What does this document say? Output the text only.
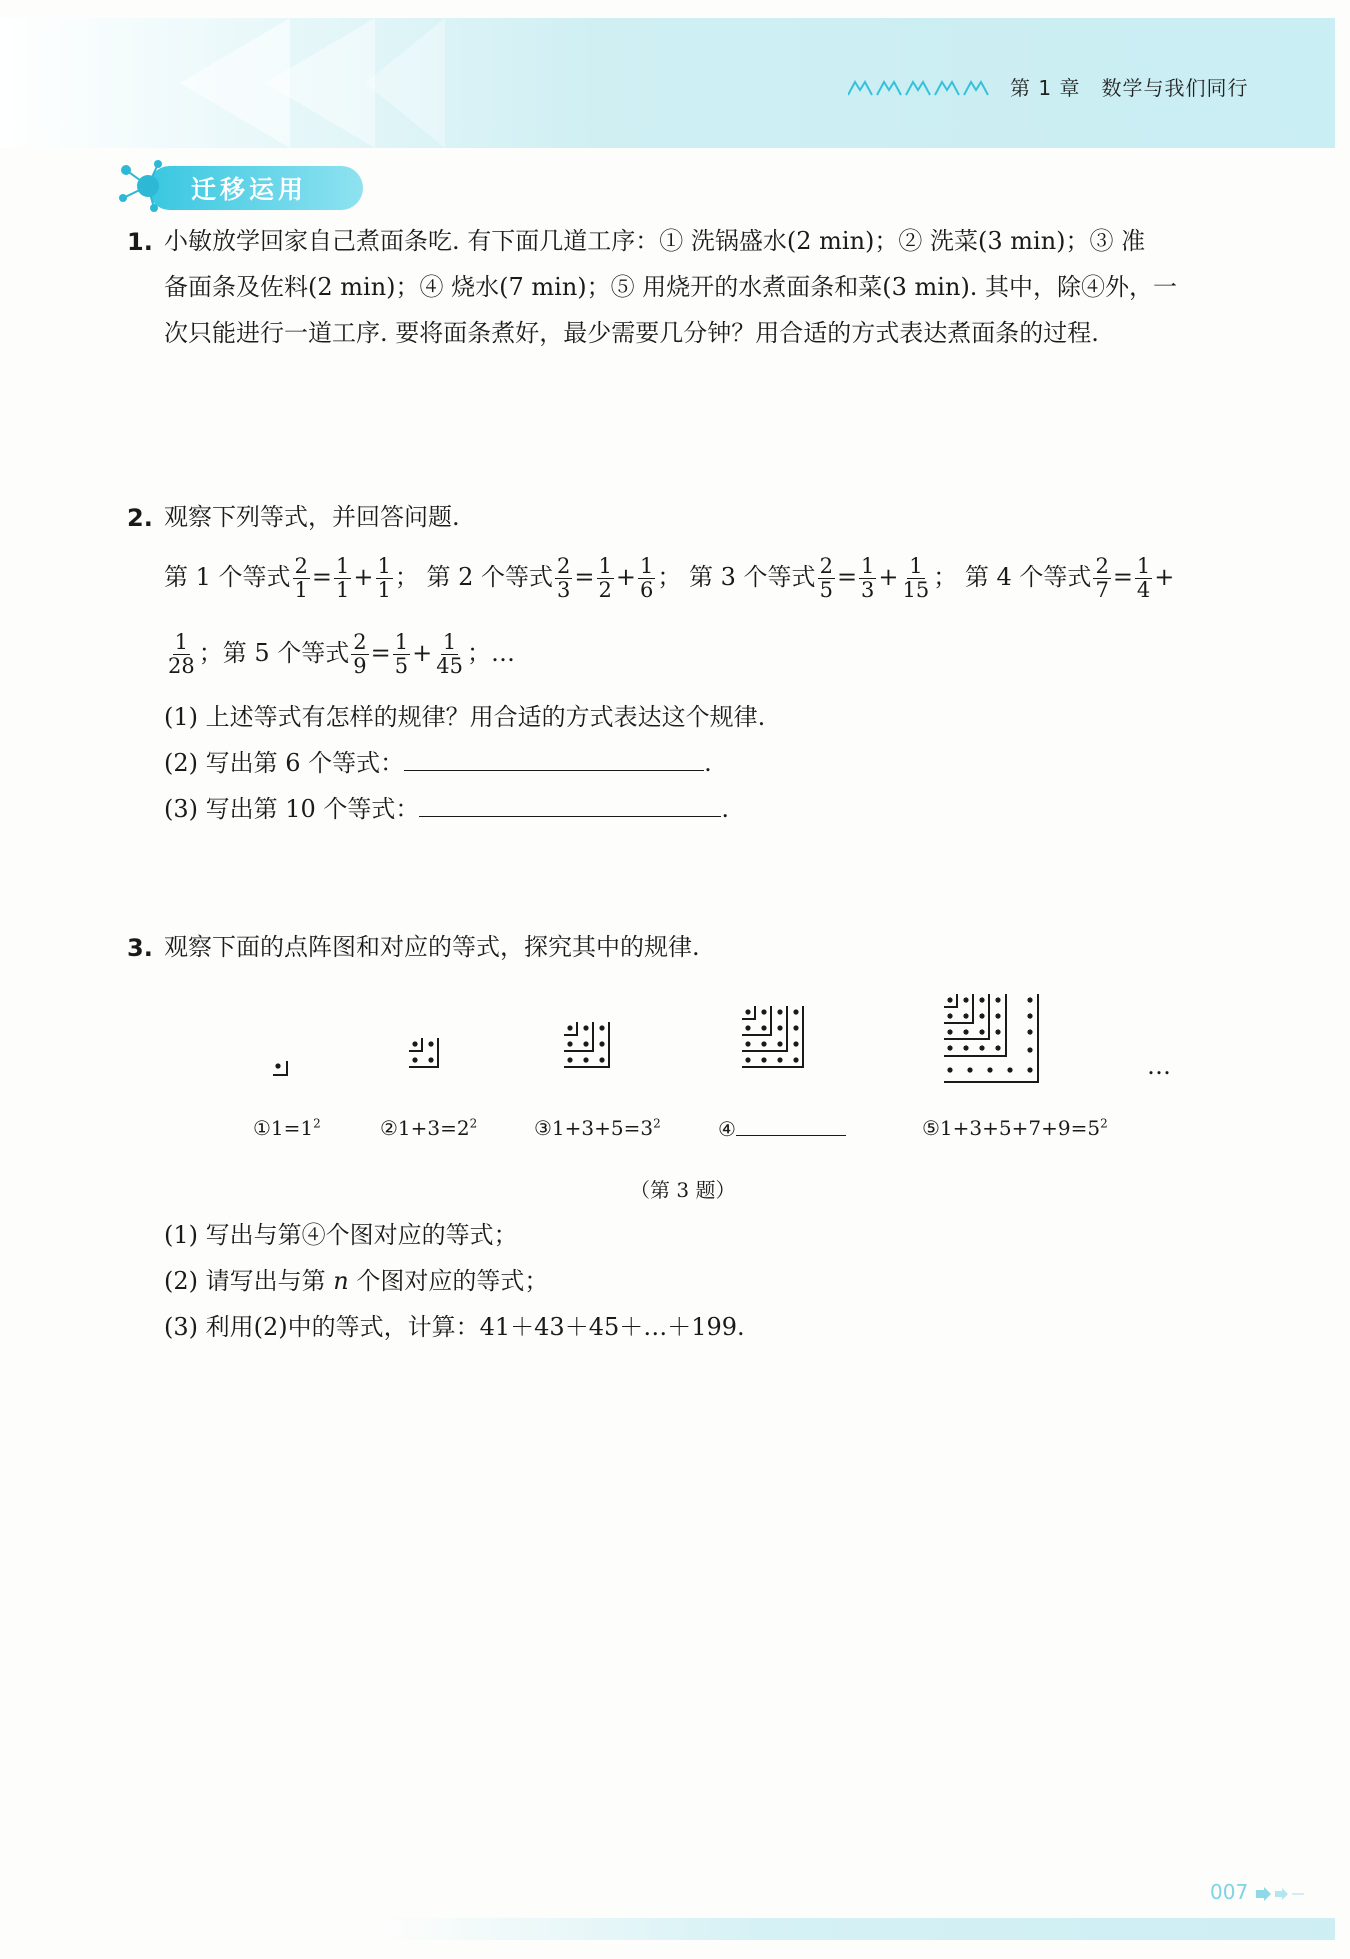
第 1 章　数学与我们同行
迁移运用
1. 小敏放学回家自己煮面条吃. 有下面几道工序：① 洗锅盛水(2 min)；② 洗菜(3 min)；③ 准
备面条及佐料(2 min)；④ 烧水(7 min)；⑤ 用烧开的水煮面条和菜(3 min). 其中，除④外，一
次只能进行一道工序. 要将面条煮好，最少需要几分钟？用合适的方式表达煮面条的过程.
2. 观察下列等式，并回答问题.
第 1 个等式 $\frac{2}{1} = \frac{1}{1} + \frac{1}{1}$ ； 第 2 个等式 $\frac{2}{3} = \frac{1}{2} + \frac{1}{6}$ ； 第 3 个等式 $\frac{2}{5} = \frac{1}{3} + \frac{1}{15}$ ； 第 4 个等式 $\frac{2}{7} = \frac{1}{4}$ +
$\frac{1}{28}$ ；第 5 个等式 $\frac{2}{9} = \frac{1}{5} + \frac{1}{45}$ ；…
(1) 上述等式有怎样的规律？用合适的方式表达这个规律.
(2) 写出第 6 个等式：	.
(3) 写出第 10 个等式：	.
3. 观察下面的点阵图和对应的等式，探究其中的规律.
$①1=1^2$	$②1+3=2^2$	$③1+3+5=3^2$	④	$⑤1+3+5+7+9=5^2$
…
（第 3 题）
(1) 写出与第④个图对应的等式；
(2) 请写出与第 n 个图对应的等式；
(3) 利用(2)中的等式，计算：41＋43＋45＋…＋199.
007
